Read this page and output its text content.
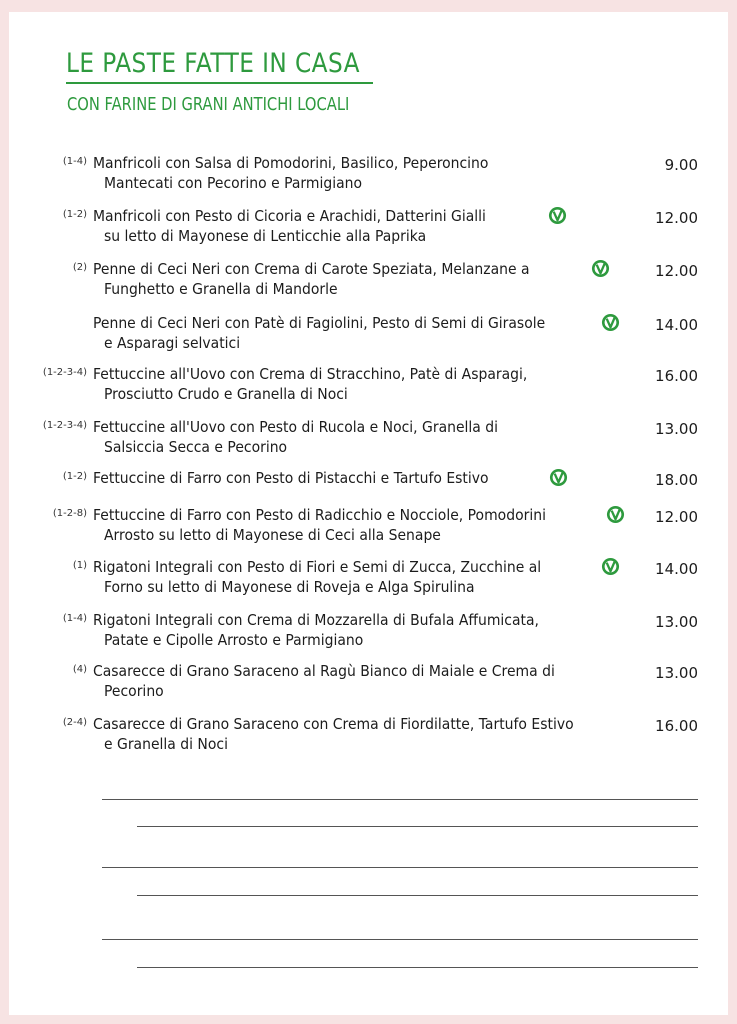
LE PASTE FATTE IN CASA
CON FARINE DI GRANI ANTICHI LOCALI
(1-4) Manfricoli con Salsa di Pomodorini, Basilico, Peperoncino
Mantecati con Pecorino e Parmigiano
9.00
(1-2) Manfricoli con Pesto di Cicoria e Arachidi, Datterini Gialli
su letto di Mayonese di Lenticchie alla Paprika
12.00
(2) Penne di Ceci Neri con Crema di Carote Speziata, Melanzane a
Funghetto e Granella di Mandorle
12.00
Penne di Ceci Neri con Patè di Fagiolini, Pesto di Semi di Girasole
e Asparagi selvatici
14.00
(1-2-3-4) Fettuccine all'Uovo con Crema di Stracchino, Patè di Asparagi,
Prosciutto Crudo e Granella di Noci
16.00
(1-2-3-4) Fettuccine all'Uovo con Pesto di Rucola e Noci, Granella di
Salsiccia Secca e Pecorino
13.00
(1-2) Fettuccine di Farro con Pesto di Pistacchi e Tartufo Estivo	18.00
(1-2-8) Fettuccine di Farro con Pesto di Radicchio e Nocciole, Pomodorini
Arrosto su letto di Mayonese di Ceci alla Senape
12.00
(1) Rigatoni Integrali con Pesto di Fiori e Semi di Zucca, Zucchine al
Forno su letto di Mayonese di Roveja e Alga Spirulina
14.00
(1-4) Rigatoni Integrali con Crema di Mozzarella di Bufala Affumicata,
Patate e Cipolle Arrosto e Parmigiano
13.00
(4) Casarecce di Grano Saraceno al Ragù Bianco di Maiale e Crema di
Pecorino
13.00
(2-4) Casarecce di Grano Saraceno con Crema di Fiordilatte, Tartufo Estivo
e Granella di Noci
16.00
